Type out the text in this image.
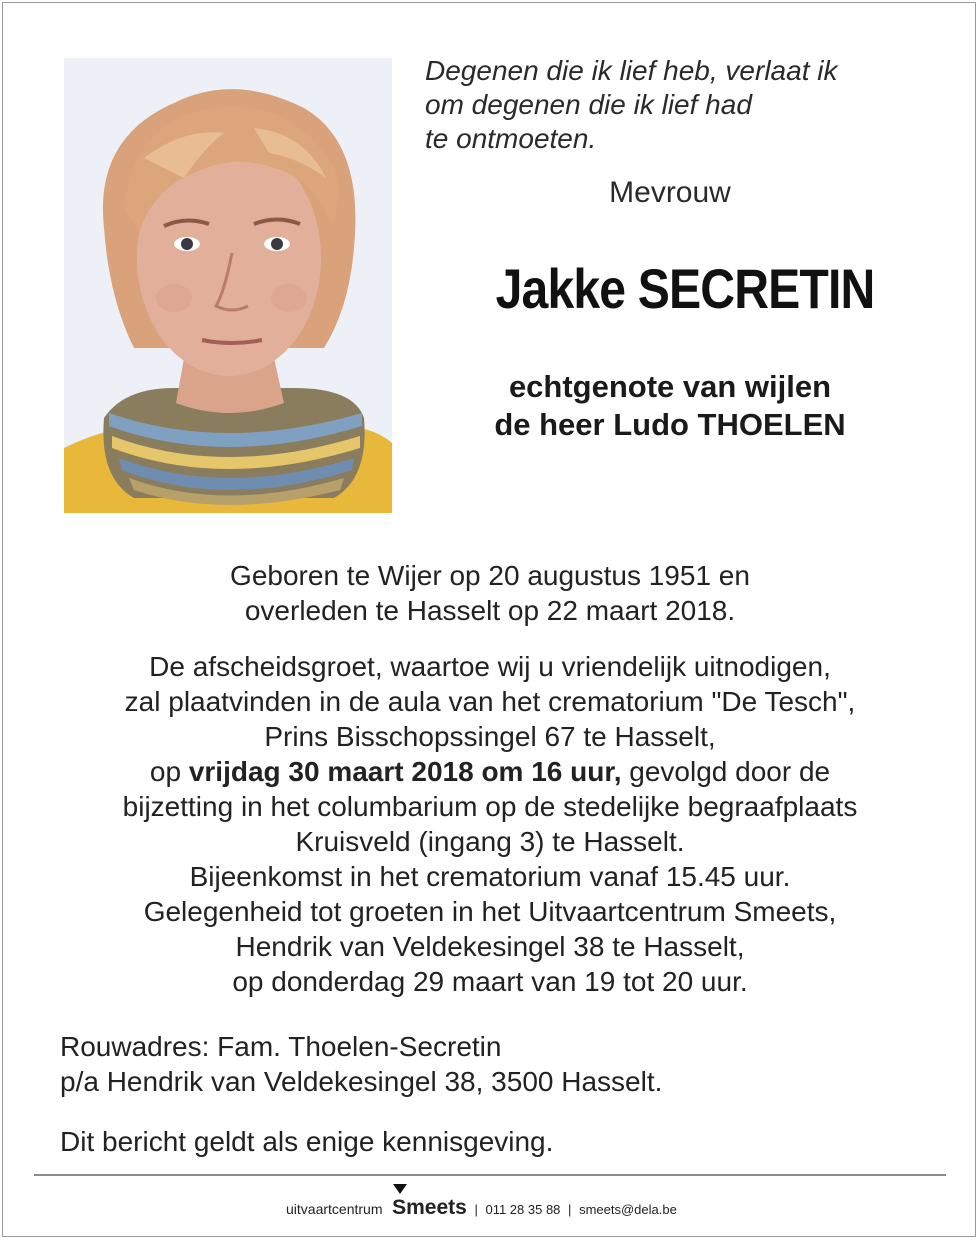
Degenen die ik lief heb, verlaat ik
om degenen die ik lief had
te ontmoeten.
Mevrouw
Jakke SECRETIN
echtgenote van wijlen
de heer Ludo THOELEN
Geboren te Wijer op 20 augustus 1951 en
overleden te Hasselt op 22 maart 2018.
De afscheidsgroet, waartoe wij u vriendelijk uitnodigen,
zal plaatvinden in de aula van het crematorium "De Tesch",
Prins Bisschopssingel 67 te Hasselt,
op vrijdag 30 maart 2018 om 16 uur, gevolgd door de
bijzetting in het columbarium op de stedelijke begraafplaats
Kruisveld (ingang 3) te Hasselt.
Bijeenkomst in het crematorium vanaf 15.45 uur.
Gelegenheid tot groeten in het Uitvaartcentrum Smeets,
Hendrik van Veldekesingel 38 te Hasselt,
op donderdag 29 maart van 19 tot 20 uur.
Rouwadres: Fam. Thoelen-Secretin
p/a Hendrik van Veldekesingel 38, 3500 Hasselt.
Dit bericht geldt als enige kennisgeving.
uitvaartcentrum Smeets | 011 28 35 88 | smeets@dela.be
